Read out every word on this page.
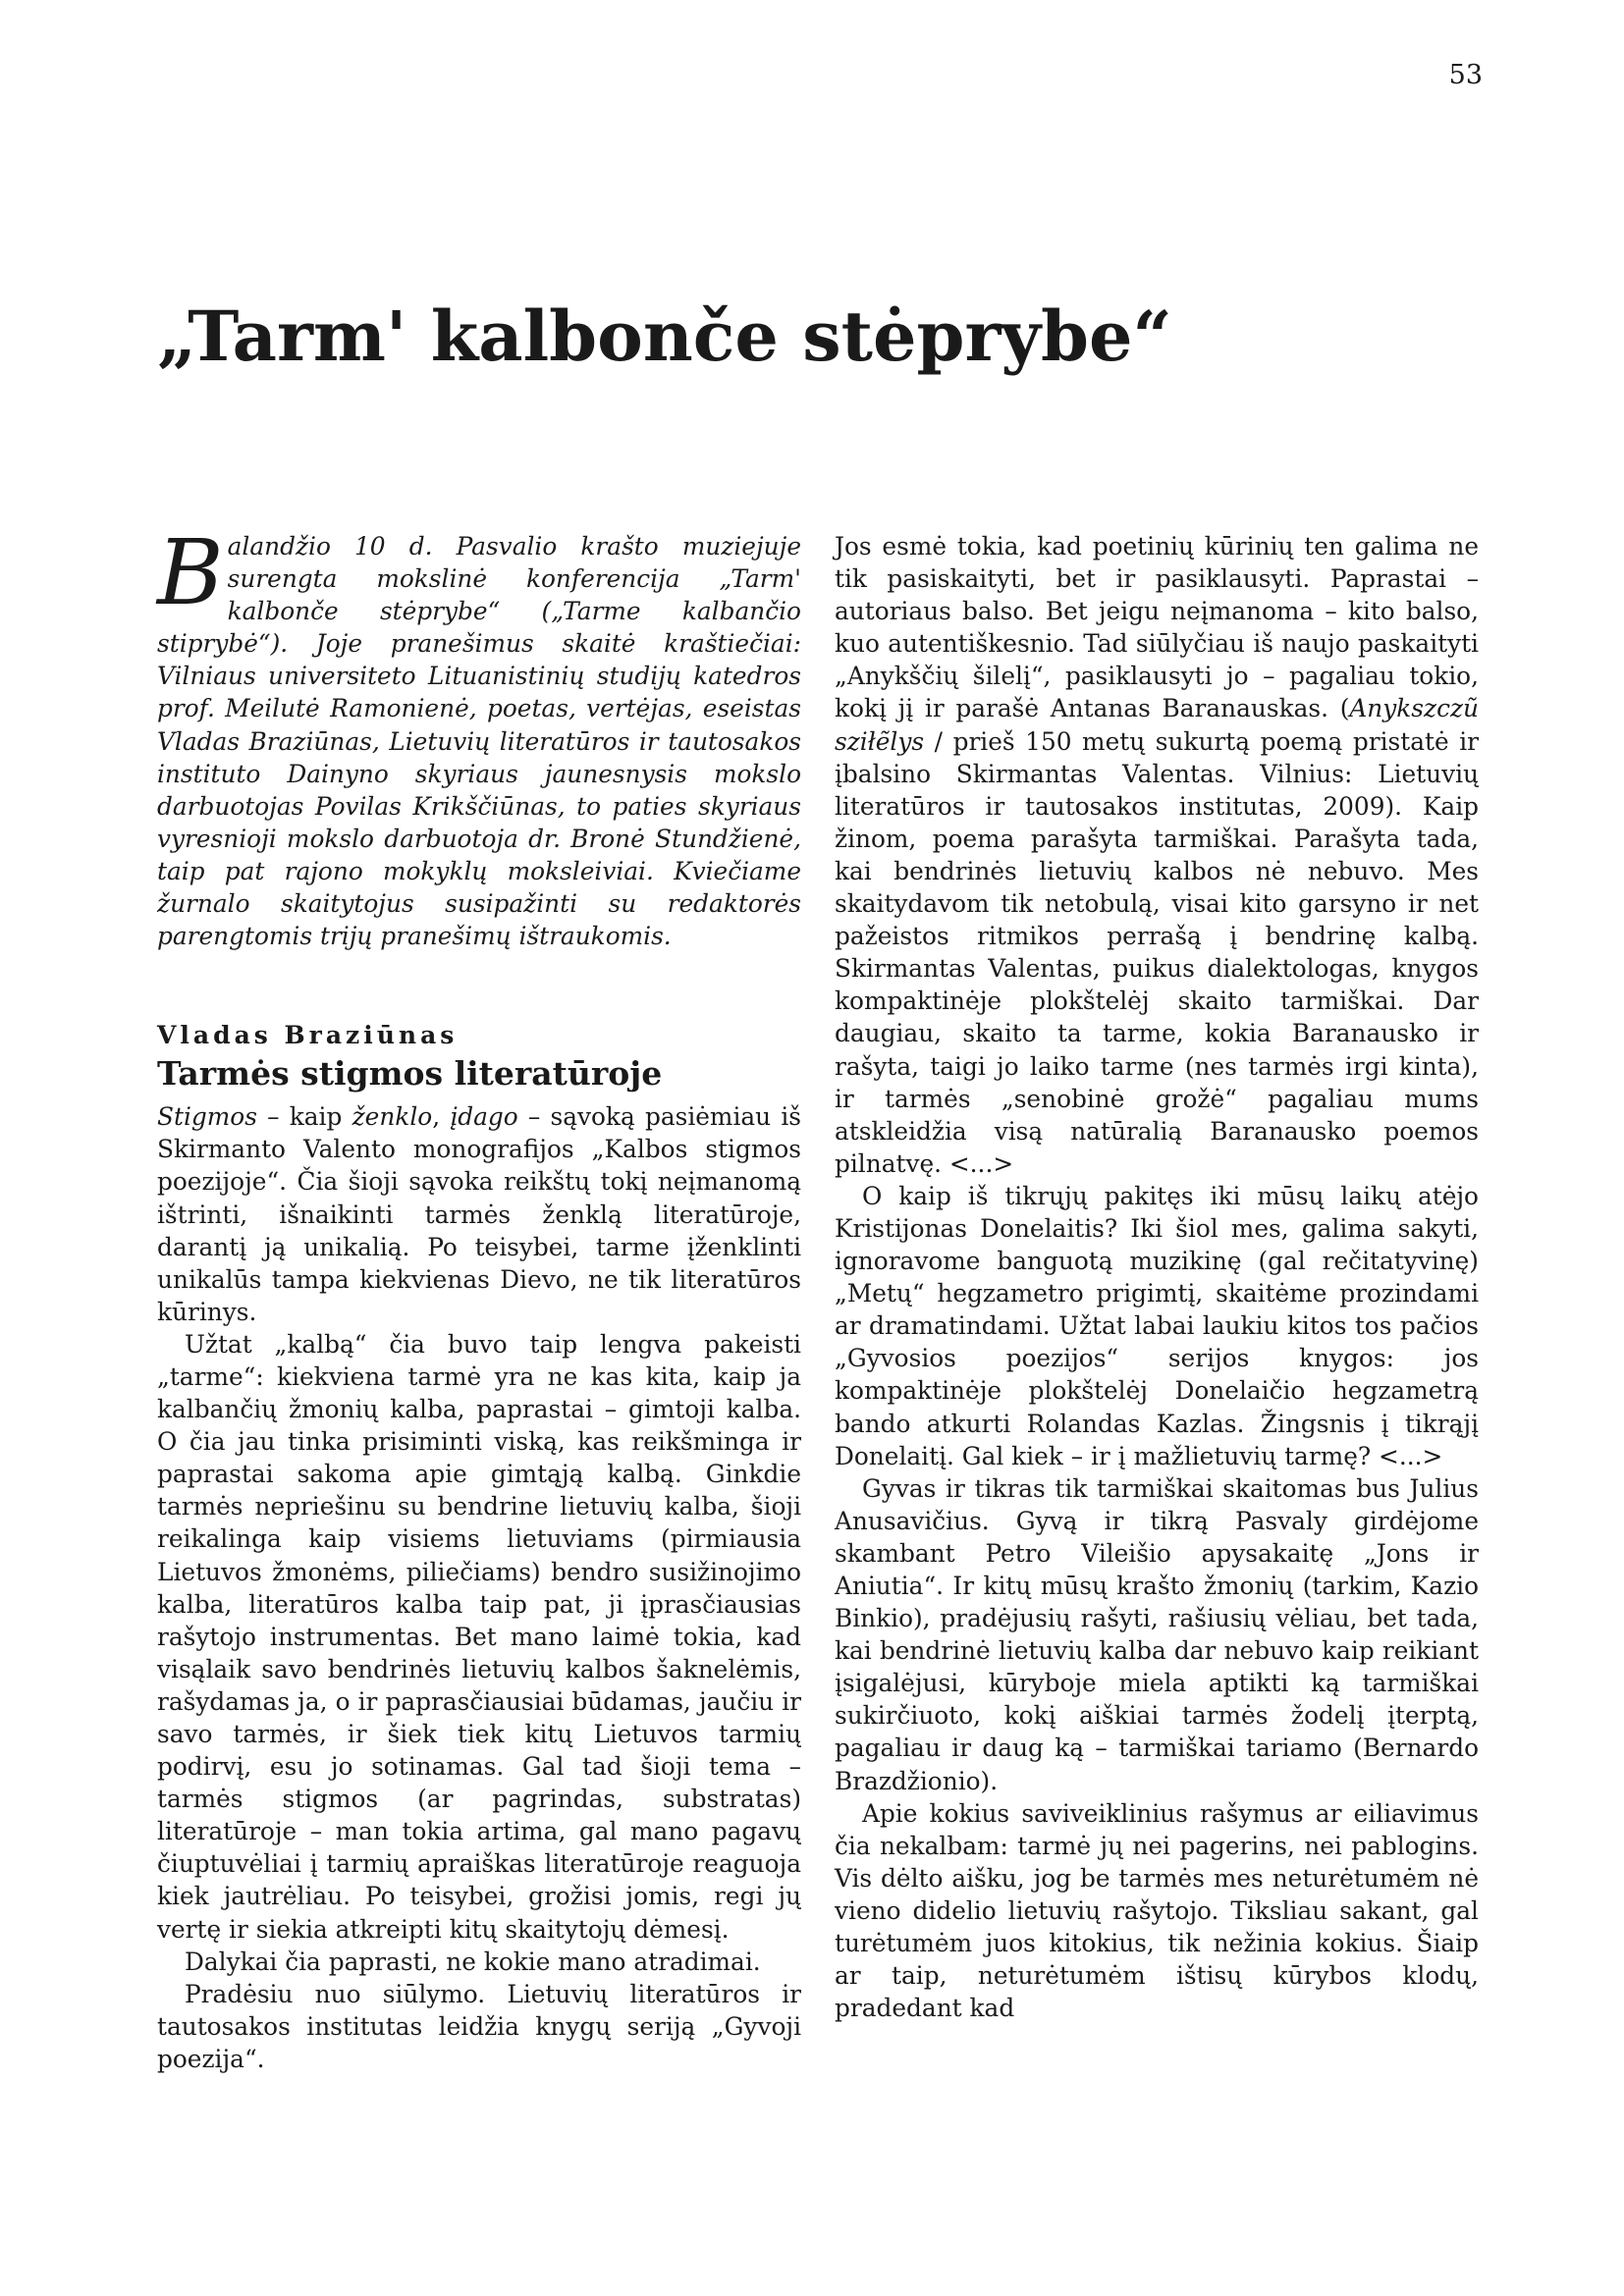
53
„Tarm' kalbonče stėprybe“

Balandžio 10 d. Pasvalio krašto muziejuje surengta mokslinė konferencija „Tarm' kalbonče stėprybe“ („Tarme kalbančio stiprybė“). Joje pranešimus skaitė kraštiečiai: Vilniaus universiteto Lituanistinių studijų katedros prof. Meilutė Ramonienė, poetas, vertėjas, eseistas Vladas Braziūnas, Lietuvių literatūros ir tautosakos instituto Dainyno skyriaus jaunesnysis mokslo darbuotojas Povilas Krikščiūnas, to paties skyriaus vyresnioji mokslo darbuotoja dr. Bronė Stundžienė, taip pat rajono mokyklų moksleiviai. Kviečiame žurnalo skaitytojus susipažinti su redaktorės parengtomis trijų pranešimų ištraukomis.

Vladas Braziūnas
Tarmės stigmos literatūroje

Stigmos – kaip ženklo, įdago – sąvoką pasiėmiau iš Skirmanto Valento monografijos „Kalbos stigmos poezijoje“. Čia šioji sąvoka reikštų tokį neįmanomą ištrinti, išnaikinti tarmės ženklą literatūroje, darantį ją unikalią. Po teisybei, tarme įženklinti unikalūs tampa kiekvienas Dievo, ne tik literatūros kūrinys.

Užtat „kalbą“ čia buvo taip lengva pakeisti „tarme“: kiekviena tarmė yra ne kas kita, kaip ja kalbančių žmonių kalba, paprastai – gimtoji kalba. O čia jau tinka prisiminti viską, kas reikšminga ir paprastai sakoma apie gimtąją kalbą. Ginkdie tarmės nepriešinu su bendrine lietuvių kalba, šioji reikalinga kaip visiems lietuviams (pirmiausia Lietuvos žmonėms, piliečiams) bendro susižinojimo kalba, literatūros kalba taip pat, ji įprasčiausias rašytojo instrumentas. Bet mano laimė tokia, kad visąlaik savo bendrinės lietuvių kalbos šaknelėmis, rašydamas ja, o ir paprasčiausiai būdamas, jaučiu ir savo tarmės, ir šiek tiek kitų Lietuvos tarmių podirvį, esu jo sotinamas. Gal tad šioji tema – tarmės stigmos (ar pagrindas, substratas) literatūroje – man tokia artima, gal mano pagavų čiuptuvėliai į tarmių apraiškas literatūroje reaguoja kiek jautrėliau. Po teisybei, grožisi jomis, regi jų vertę ir siekia atkreipti kitų skaitytojų dėmesį.

Dalykai čia paprasti, ne kokie mano atradimai.

Pradėsiu nuo siūlymo. Lietuvių literatūros ir tautosakos institutas leidžia knygų seriją „Gyvoji poezija“.

Jos esmė tokia, kad poetinių kūrinių ten galima ne tik pasiskaityti, bet ir pasiklausyti. Paprastai – autoriaus balso. Bet jeigu neįmanoma – kito balso, kuo autentiškesnio. Tad siūlyčiau iš naujo paskaityti „Anykščių šilelį“, pasiklausyti jo – pagaliau tokio, kokį jį ir parašė Antanas Baranauskas. (Anykszczũ sziłẽlys / prieš 150 metų sukurtą poemą pristatė ir įbalsino Skirmantas Valentas. Vilnius: Lietuvių literatūros ir tautosakos institutas, 2009). Kaip žinom, poema parašyta tarmiškai. Parašyta tada, kai bendrinės lietuvių kalbos nė nebuvo. Mes skaitydavom tik netobulą, visai kito garsyno ir net pažeistos ritmikos perrašą į bendrinę kalbą. Skirmantas Valentas, puikus dialektologas, knygos kompaktinėje plokštelėj skaito tarmiškai. Dar daugiau, skaito ta tarme, kokia Baranausko ir rašyta, taigi jo laiko tarme (nes tarmės irgi kinta), ir tarmės „senobinė grožė“ pagaliau mums atskleidžia visą natūralią Baranausko poemos pilnatvę. <...>

O kaip iš tikrųjų pakitęs iki mūsų laikų atėjo Kristijonas Donelaitis? Iki šiol mes, galima sakyti, ignoravome banguotą muzikinę (gal rečitatyvinę) „Metų“ hegzametro prigimtį, skaitėme prozindami ar dramatindami. Užtat labai laukiu kitos tos pačios „Gyvosios poezijos“ serijos knygos: jos kompaktinėje plokštelėj Donelaičio hegzametrą bando atkurti Rolandas Kazlas. Žingsnis į tikrąjį Donelaitį. Gal kiek – ir į mažlietuvių tarmę? <...>

Gyvas ir tikras tik tarmiškai skaitomas bus Julius Anusavičius. Gyvą ir tikrą Pasvaly girdėjome skambant Petro Vileišio apysakaitę „Jons ir Aniutia“. Ir kitų mūsų krašto žmonių (tarkim, Kazio Binkio), pradėjusių rašyti, rašiusių vėliau, bet tada, kai bendrinė lietuvių kalba dar nebuvo kaip reikiant įsigalėjusi, kūryboje miela aptikti ką tarmiškai sukirčiuoto, kokį aiškiai tarmės žodelį įterptą, pagaliau ir daug ką – tarmiškai tariamo (Bernardo Brazdžionio).

Apie kokius saviveiklinius rašymus ar eiliavimus čia nekalbam: tarmė jų nei pagerins, nei pablogins. Vis dėlto aišku, jog be tarmės mes neturėtumėm nė vieno didelio lietuvių rašytojo. Tiksliau sakant, gal turėtumėm juos kitokius, tik nežinia kokius. Šiaip ar taip, neturėtumėm ištisų kūrybos klodų, pradedant kad
